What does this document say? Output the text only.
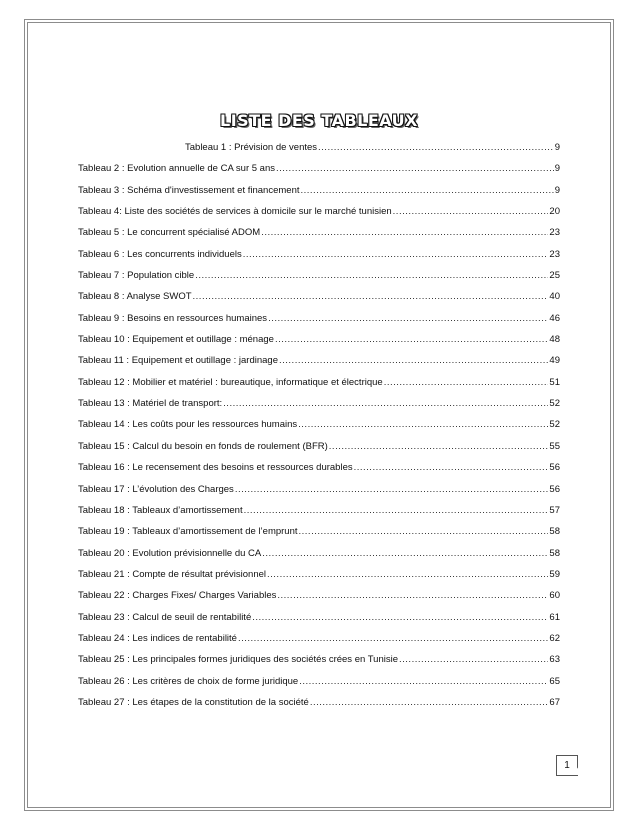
LISTE DES TABLEAUX
Tableau 1 : Prévision de ventes .....	9
Tableau 2 : Evolution annuelle de CA sur 5 ans .....	9
Tableau 3 : Schéma d'investissement et financement .....	9
Tableau 4: Liste des sociétés de services à domicile sur le marché tunisien .....	20
Tableau 5 : Le concurrent spécialisé ADOM .....	23
Tableau 6 : Les concurrents individuels .....	23
Tableau 7 : Population cible .....	25
Tableau 8 : Analyse SWOT .....	40
Tableau 9 : Besoins en ressources humaines .....	46
Tableau 10 : Equipement et outillage : ménage .....	48
Tableau 11 : Equipement et outillage : jardinage .....	49
Tableau 12 : Mobilier et matériel : bureautique, informatique et électrique .....	51
Tableau 13 : Matériel de transport: .....	52
Tableau 14 : Les coûts pour les ressources humains .....	52
Tableau 15 : Calcul du besoin en fonds de roulement (BFR) .....	55
Tableau 16 : Le recensement des besoins et ressources durables .....	56
Tableau 17 : L’évolution des Charges .....	56
Tableau 18 : Tableaux d’amortissement .....	57
Tableau 19 : Tableaux d’amortissement de l’emprunt .....	58
Tableau 20 : Evolution prévisionnelle du CA .....	58
Tableau 21 : Compte de résultat prévisionnel .....	59
Tableau 22 : Charges Fixes/ Charges Variables .....	60
Tableau 23 : Calcul de seuil de rentabilité .....	61
Tableau 24 : Les indices de rentabilité .....	62
Tableau 25 : Les principales formes juridiques des sociétés crées en Tunisie .....	63
Tableau 26 : Les critères de choix de forme juridique .....	65
Tableau 27 : Les étapes de la constitution de la société .....	67
1
